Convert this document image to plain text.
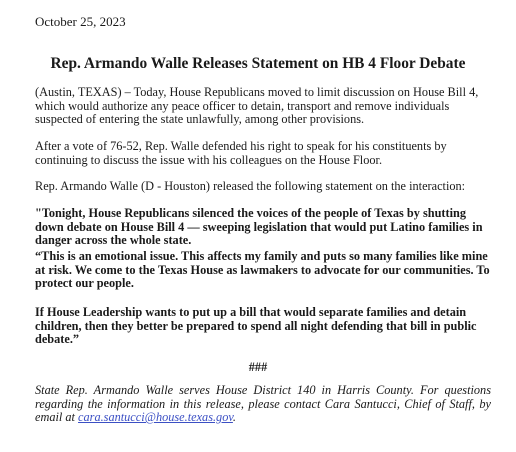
October 25, 2023
Rep. Armando Walle Releases Statement on HB 4 Floor Debate

(Austin, TEXAS) – Today, House Republicans moved to limit discussion on House Bill 4, which would authorize any peace officer to detain, transport and remove individuals suspected of entering the state unlawfully, among other provisions.

After a vote of 76-52, Rep. Walle defended his right to speak for his constituents by continuing to discuss the issue with his colleagues on the House Floor.

Rep. Armando Walle (D - Houston) released the following statement on the interaction:

"Tonight, House Republicans silenced the voices of the people of Texas by shutting down debate on House Bill 4 — sweeping legislation that would put Latino families in danger across the whole state.

“This is an emotional issue. This affects my family and puts so many families like mine at risk. We come to the Texas House as lawmakers to advocate for our communities. To protect our people.

If House Leadership wants to put up a bill that would separate families and detain children, then they better be prepared to spend all night defending that bill in public debate.”

###

State Rep. Armando Walle serves House District 140 in Harris County. For questions regarding the information in this release, please contact Cara Santucci, Chief of Staff, by email at cara.santucci@house.texas.gov.
